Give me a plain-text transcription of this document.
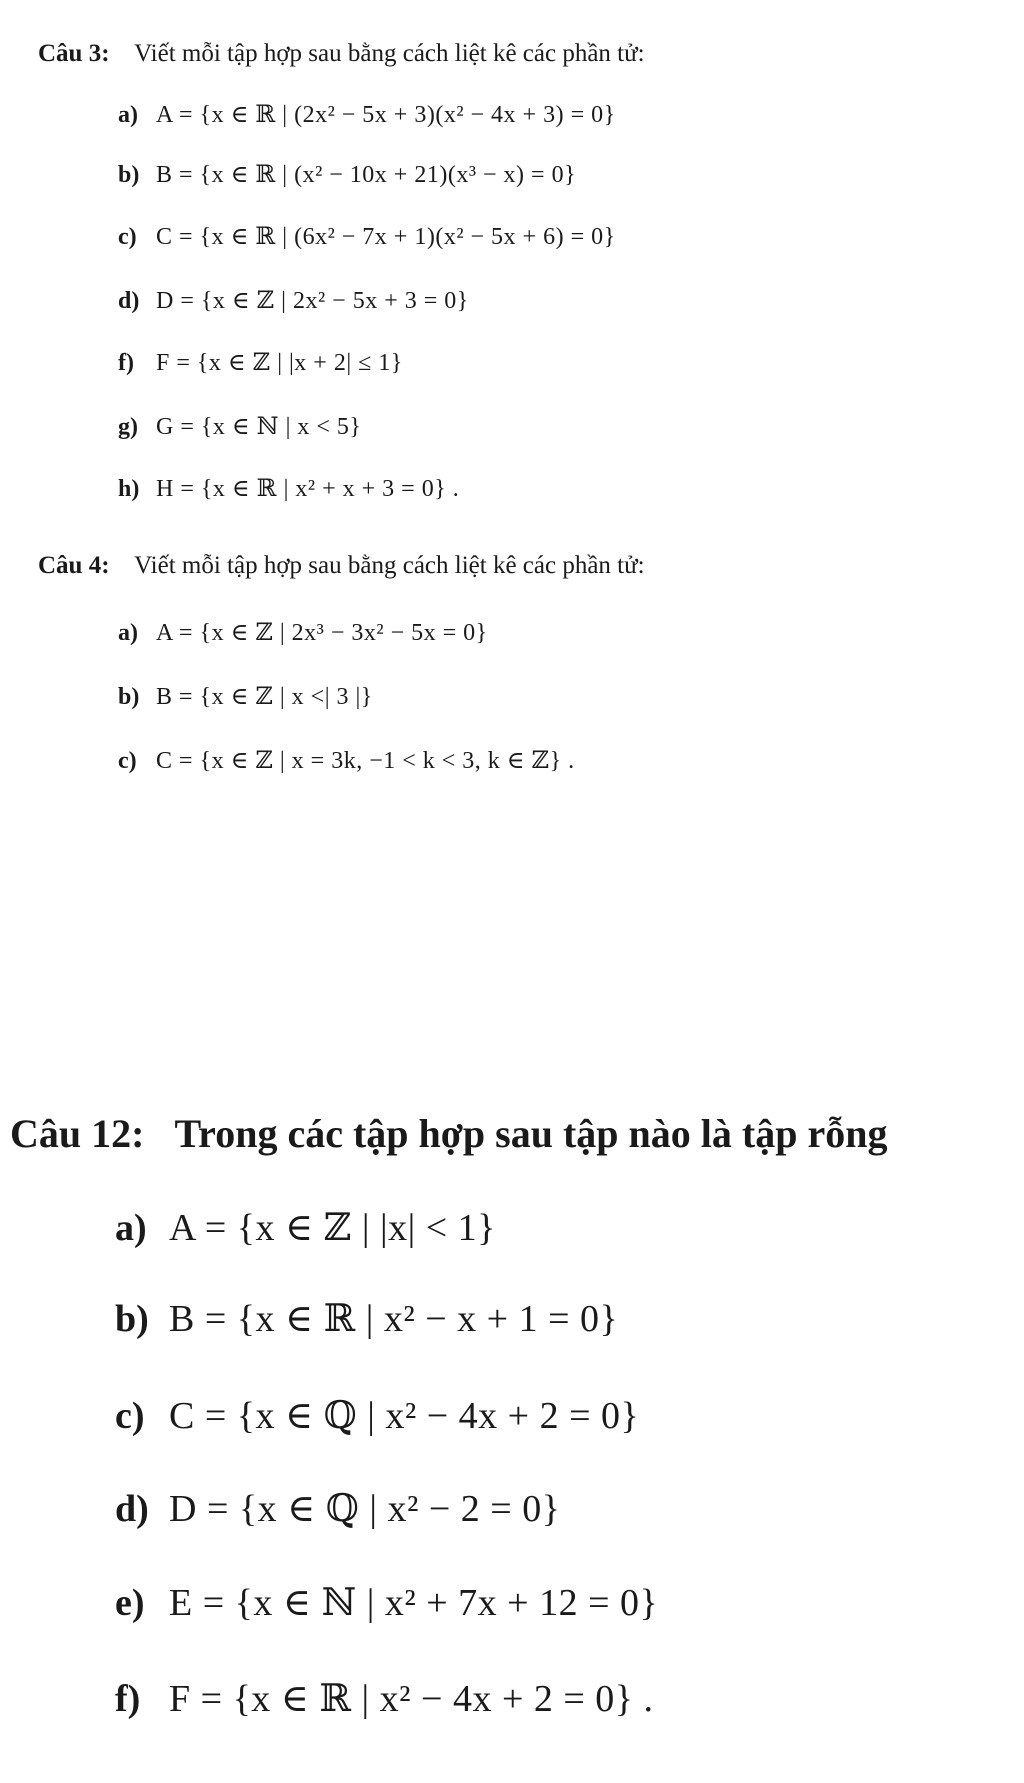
Câu 3: Viết mỗi tập hợp sau bằng cách liệt kê các phần tử:
a) A = {x ∈ ℝ | (2x² − 5x + 3)(x² − 4x + 3) = 0}
b) B = {x ∈ ℝ | (x² − 10x + 21)(x³ − x) = 0}
c) C = {x ∈ ℝ | (6x² − 7x + 1)(x² − 5x + 6) = 0}
d) D = {x ∈ ℤ | 2x² − 5x + 3 = 0}
f) F = {x ∈ ℤ | |x + 2| ≤ 1}
g) G = {x ∈ ℕ | x < 5}
h) H = {x ∈ ℝ | x² + x + 3 = 0} .
Câu 4: Viết mỗi tập hợp sau bằng cách liệt kê các phần tử:
a) A = {x ∈ ℤ | 2x³ − 3x² − 5x = 0}
b) B = {x ∈ ℤ | x <| 3 |}
c) C = {x ∈ ℤ | x = 3k, −1 < k < 3, k ∈ ℤ} .
Câu 12: Trong các tập hợp sau tập nào là tập rỗng
a) A = {x ∈ ℤ | |x| < 1}
b) B = {x ∈ ℝ | x² − x + 1 = 0}
c) C = {x ∈ ℚ | x² − 4x + 2 = 0}
d) D = {x ∈ ℚ | x² − 2 = 0}
e) E = {x ∈ ℕ | x² + 7x + 12 = 0}
f) F = {x ∈ ℝ | x² − 4x + 2 = 0} .
